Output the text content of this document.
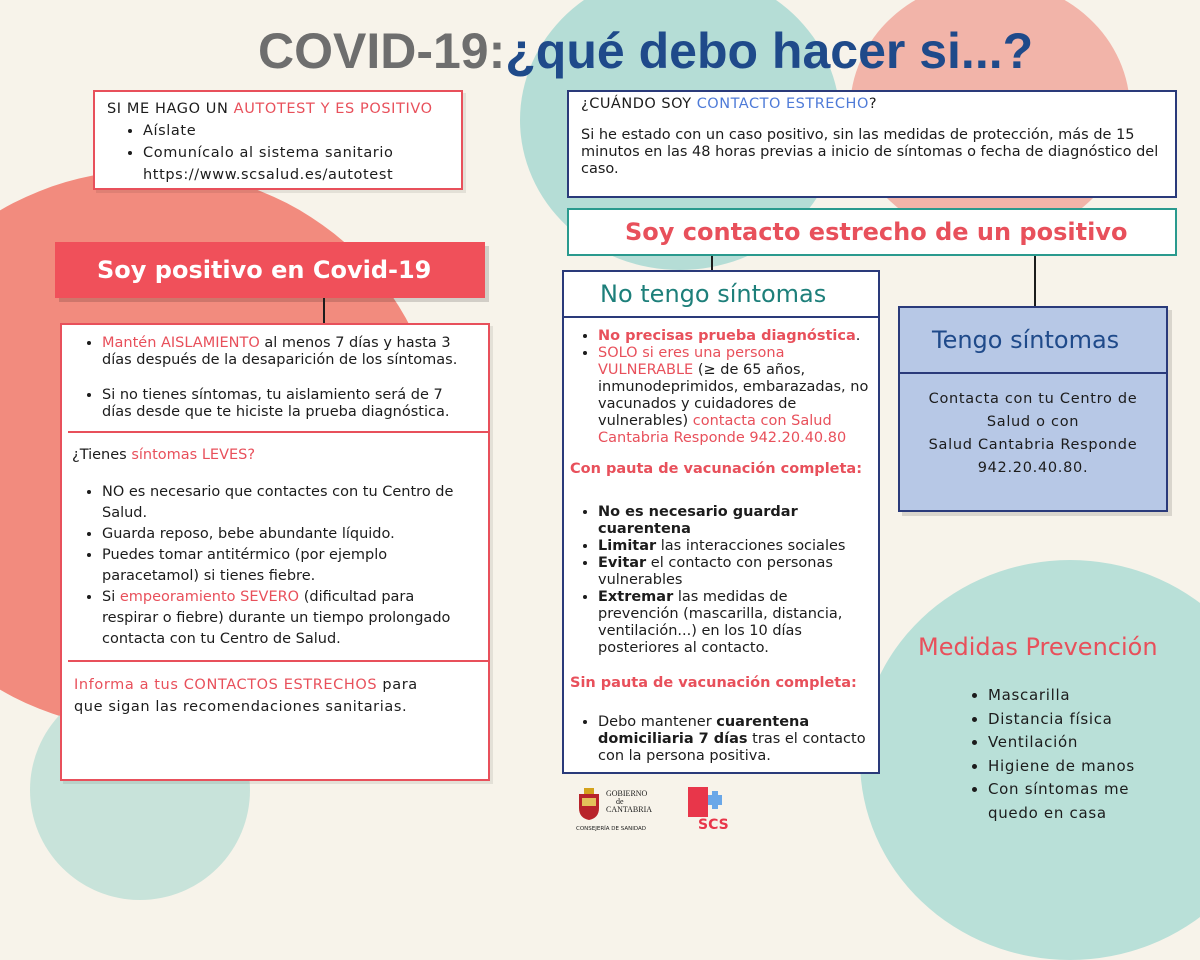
COVID-19:¿qué debo hacer si...?
SI ME HAGO UN AUTOTEST Y ES POSITIVO
• Aíslate
• Comunícalo al sistema sanitario
https://www.scsalud.es/autotest
¿CUÁNDO SOY CONTACTO ESTRECHO?
Si he estado con un caso positivo, sin las medidas de protección, más de 15 minutos en las 48 horas previas a inicio de síntomas o fecha de diagnóstico del caso.
Soy positivo en Covid-19
• Mantén AISLAMIENTO al menos 7 días y hasta 3 días después de la desaparición de los síntomas.
• Si no tienes síntomas, tu aislamiento será de 7 días desde que te hiciste la prueba diagnóstica.
¿Tienes síntomas LEVES?
• NO es necesario que contactes con tu Centro de Salud.
• Guarda reposo, bebe abundante líquido.
• Puedes tomar antitérmico (por ejemplo paracetamol) si tienes fiebre.
• Si empeoramiento SEVERO (dificultad para respirar o fiebre) durante un tiempo prolongado contacta con tu Centro de Salud.
Informa a tus CONTACTOS ESTRECHOS para
que sigan las recomendaciones sanitarias.
Soy contacto estrecho de un positivo
No tengo síntomas
• No precisas prueba diagnóstica.
• SOLO si eres una persona VULNERABLE (≥ de 65 años, inmunodeprimidos, embarazadas, no vacunados y cuidadores de vulnerables) contacta con Salud Cantabria Responde 942.20.40.80
Con pauta de vacunación completa:
• No es necesario guardar cuarentena
• Limitar las interacciones sociales
• Evitar el contacto con personas vulnerables
• Extremar las medidas de prevención (mascarilla, distancia, ventilación...) en los 10 días posteriores al contacto.
Sin pauta de vacunación completa:
• Debo mantener cuarentena domiciliaria 7 días tras el contacto con la persona positiva.
Tengo síntomas
Contacta con tu Centro de
Salud o con
Salud Cantabria Responde
942.20.40.80.
Medidas Prevención
• Mascarilla
• Distancia física
• Ventilación
• Higiene de manos
• Con síntomas me quedo en casa
GOBIERNO
de
CANTABRIA
CONSEJERÍA DE SANIDAD	SCS
